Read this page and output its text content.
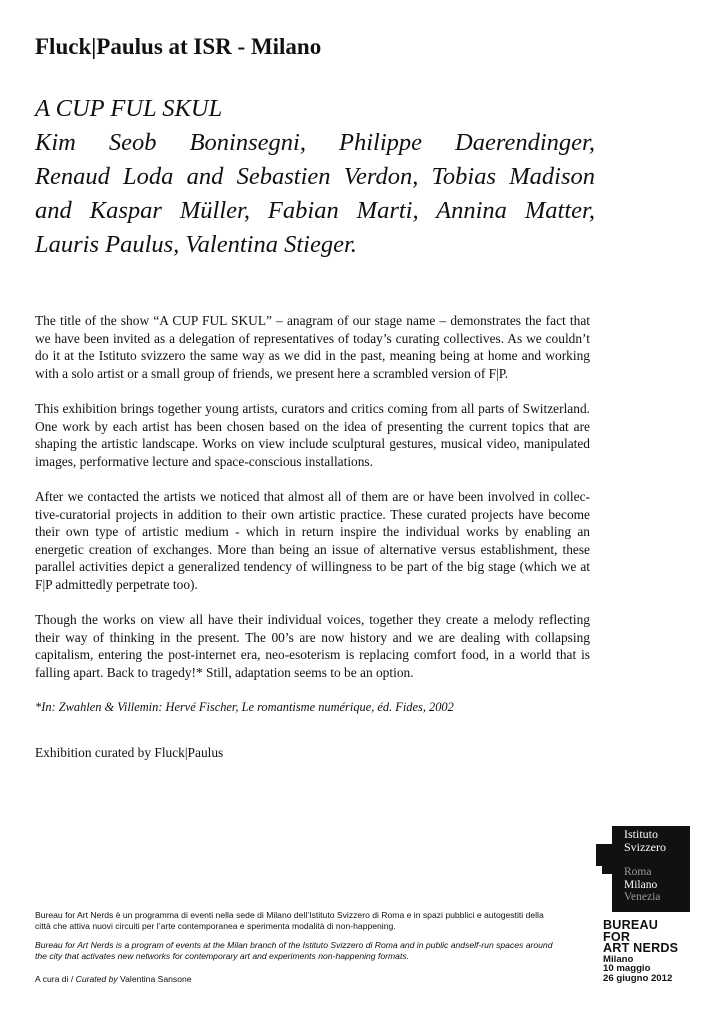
Fluck|Paulus at ISR - Milano
A CUP FUL SKUL
Kim Seob Boninsegni, Philippe Daerendinger,
Renaud Loda and Sebastien Verdon, Tobias Madison
and Kaspar Müller, Fabian Marti, Annina Matter,
Lauris Paulus, Valentina Stieger.

The title of the show “A CUP FUL SKUL” – anagram of our stage name – demonstrates the fact that we have been invited as a delegation of representatives of today’s curating collectives. As we couldn’t do it at the Istituto svizzero the same way as we did in the past, meaning being at home and working with a solo artist or a small group of friends, we present here a scrambled version of F|P.

This exhibition brings together young artists, curators and critics coming from all parts of Switzerland. One work by each artist has been chosen based on the idea of presenting the current topics that are shaping the artistic landscape. Works on view include sculptural gestures, musical video, manipulated images, performative lecture and space-conscious installations.

After we contacted the artists we noticed that almost all of them are or have been involved in collec-tive-curatorial projects in addition to their own artistic practice. These curated projects have become their own type of artistic medium - which in return inspire the individual works by enabling an energetic creation of exchanges. More than being an issue of alternative versus establishment, these parallel activities depict a generalized tendency of willingness to be part of the big stage (which we at F|P admittedly perpetrate too).

Though the works on view all have their individual voices, together they create a melody reflecting their way of thinking in the present. The 00’s are now history and we are dealing with collapsing capitalism, entering the post-internet era, neo-esoterism is replacing comfort food, in a world that is falling apart. Back to tragedy!* Still, adaptation seems to be an option.

*In: Zwahlen & Villemin: Hervé Fischer, Le romantisme numérique, éd. Fides, 2002

Exhibition curated by Fluck|Paulus

Bureau for Art Nerds è un programma di eventi nella sede di Milano dell’Istituto Svizzero di Roma e in spazi pubblici e autogestiti della città che attiva nuovi circuiti per l’arte contemporanea e sperimenta modalità di non-happening.

Bureau for Art Nerds is a program of events at the Milan branch of the Istituto Svizzero di Roma and in public andself-run spaces around the city that activates new networks for contemporary art and experiments non-happening formats.

A cura di / Curated by Valentina Sansone

Istituto
Svizzero
Roma
Milano
Venezia
BUREAU
FOR
ART NERDS
Milano
10 maggio
26 giugno 2012
